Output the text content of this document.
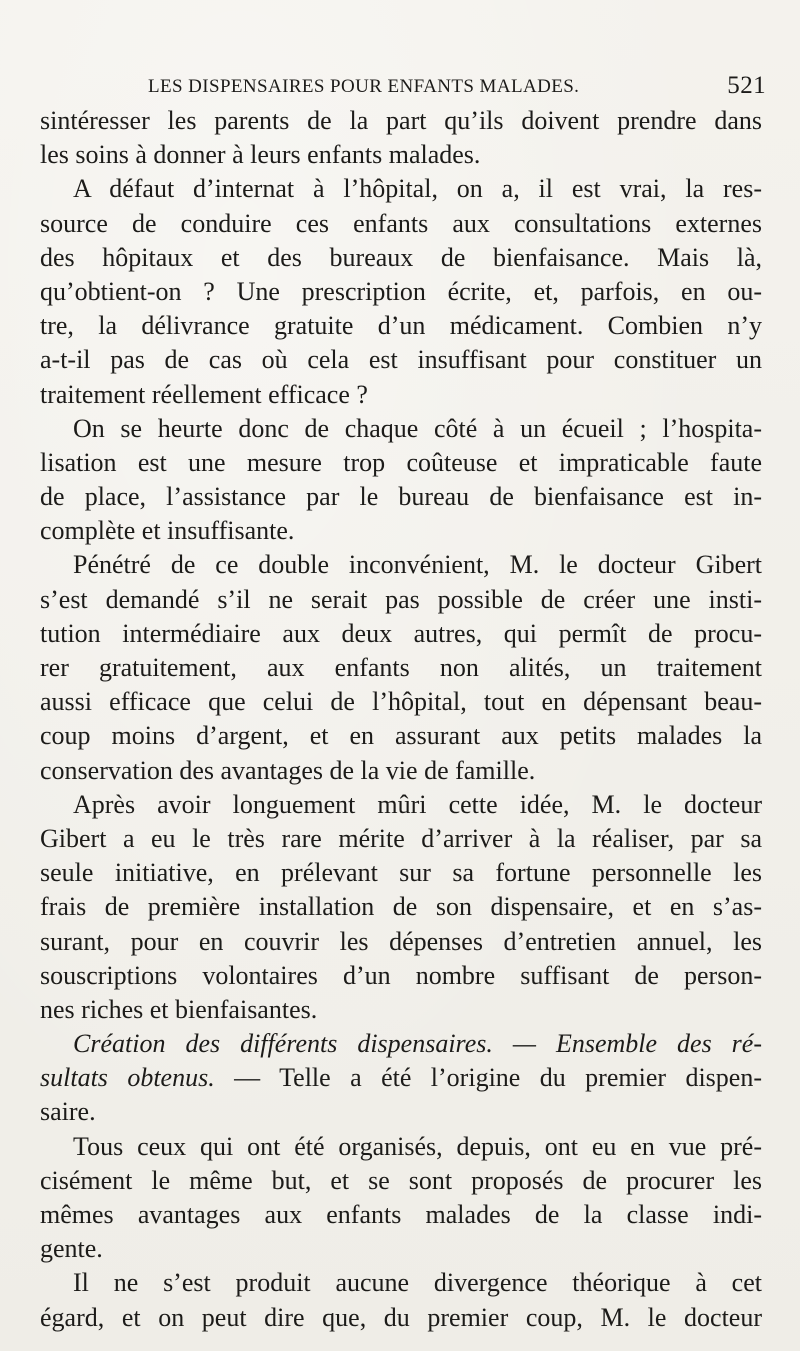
LES DISPENSAIRES POUR ENFANTS MALADES.	521
sintéresser les parents de la part qu’ils doivent prendre dans
les soins à donner à leurs enfants malades.
A défaut d’internat à l’hôpital, on a, il est vrai, la res-
source de conduire ces enfants aux consultations externes
des hôpitaux et des bureaux de bienfaisance. Mais là,
qu’obtient-on ? Une prescription écrite, et, parfois, en ou-
tre, la délivrance gratuite d’un médicament. Combien n’y
a-t-il pas de cas où cela est insuffisant pour constituer un
traitement réellement efficace ?
On se heurte donc de chaque côté à un écueil ; l’hospita-
lisation est une mesure trop coûteuse et impraticable faute
de place, l’assistance par le bureau de bienfaisance est in-
complète et insuffisante.
Pénétré de ce double inconvénient, M. le docteur Gibert
s’est demandé s’il ne serait pas possible de créer une insti-
tution intermédiaire aux deux autres, qui permît de procu-
rer gratuitement, aux enfants non alités, un traitement
aussi efficace que celui de l’hôpital, tout en dépensant beau-
coup moins d’argent, et en assurant aux petits malades la
conservation des avantages de la vie de famille.
Après avoir longuement mûri cette idée, M. le docteur
Gibert a eu le très rare mérite d’arriver à la réaliser, par sa
seule initiative, en prélevant sur sa fortune personnelle les
frais de première installation de son dispensaire, et en s’as-
surant, pour en couvrir les dépenses d’entretien annuel, les
souscriptions volontaires d’un nombre suffisant de person-
nes riches et bienfaisantes.
Création des différents dispensaires. — Ensemble des ré-
sultats obtenus. — Telle a été l’origine du premier dispen-
saire.
Tous ceux qui ont été organisés, depuis, ont eu en vue pré-
cisément le même but, et se sont proposés de procurer les
mêmes avantages aux enfants malades de la classe indi-
gente.
Il ne s’est produit aucune divergence théorique à cet
égard, et on peut dire que, du premier coup, M. le docteur
